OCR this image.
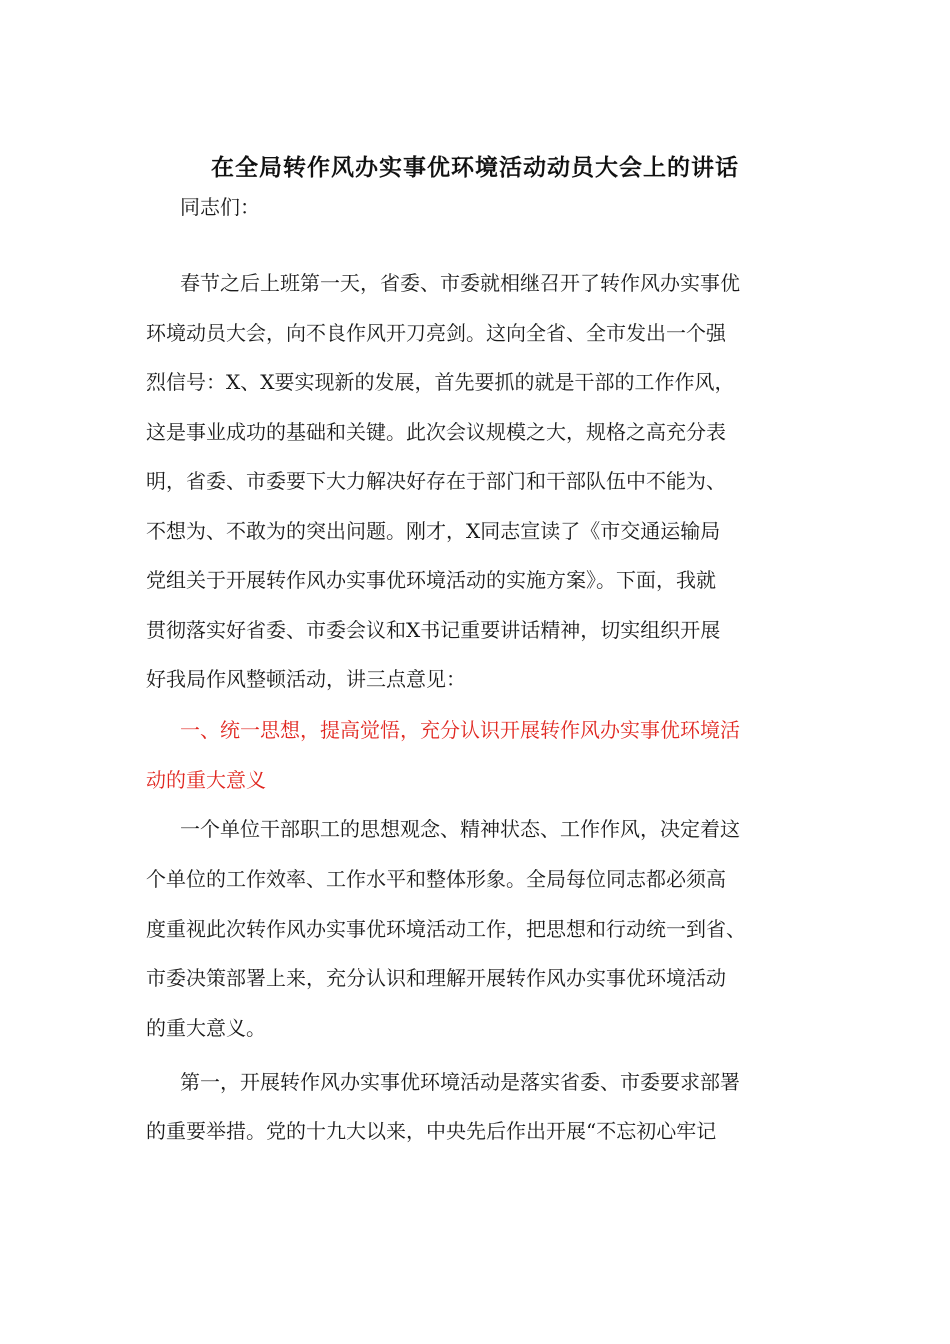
在全局转作风办实事优环境活动动员大会上的讲话
同志们：
春节之后上班第一天，省委、市委就相继召开了转作风办实事优
环境动员大会，向不良作风开刀亮剑。这向全省、全市发出一个强
烈信号：X、X要实现新的发展，首先要抓的就是干部的工作作风，
这是事业成功的基础和关键。此次会议规模之大，规格之高充分表
明，省委、市委要下大力解决好存在于部门和干部队伍中不能为、
不想为、不敢为的突出问题。刚才，X同志宣读了《市交通运输局
党组关于开展转作风办实事优环境活动的实施方案》。下面，我就
贯彻落实好省委、市委会议和X书记重要讲话精神，切实组织开展
好我局作风整顿活动，讲三点意见：
一、统一思想，提高觉悟，充分认识开展转作风办实事优环境活
动的重大意义
一个单位干部职工的思想观念、精神状态、工作作风，决定着这
个单位的工作效率、工作水平和整体形象。全局每位同志都必须高
度重视此次转作风办实事优环境活动工作，把思想和行动统一到省、
市委决策部署上来，充分认识和理解开展转作风办实事优环境活动
的重大意义。
第一，开展转作风办实事优环境活动是落实省委、市委要求部署
的重要举措。党的十九大以来，中央先后作出开展“不忘初心牢记
